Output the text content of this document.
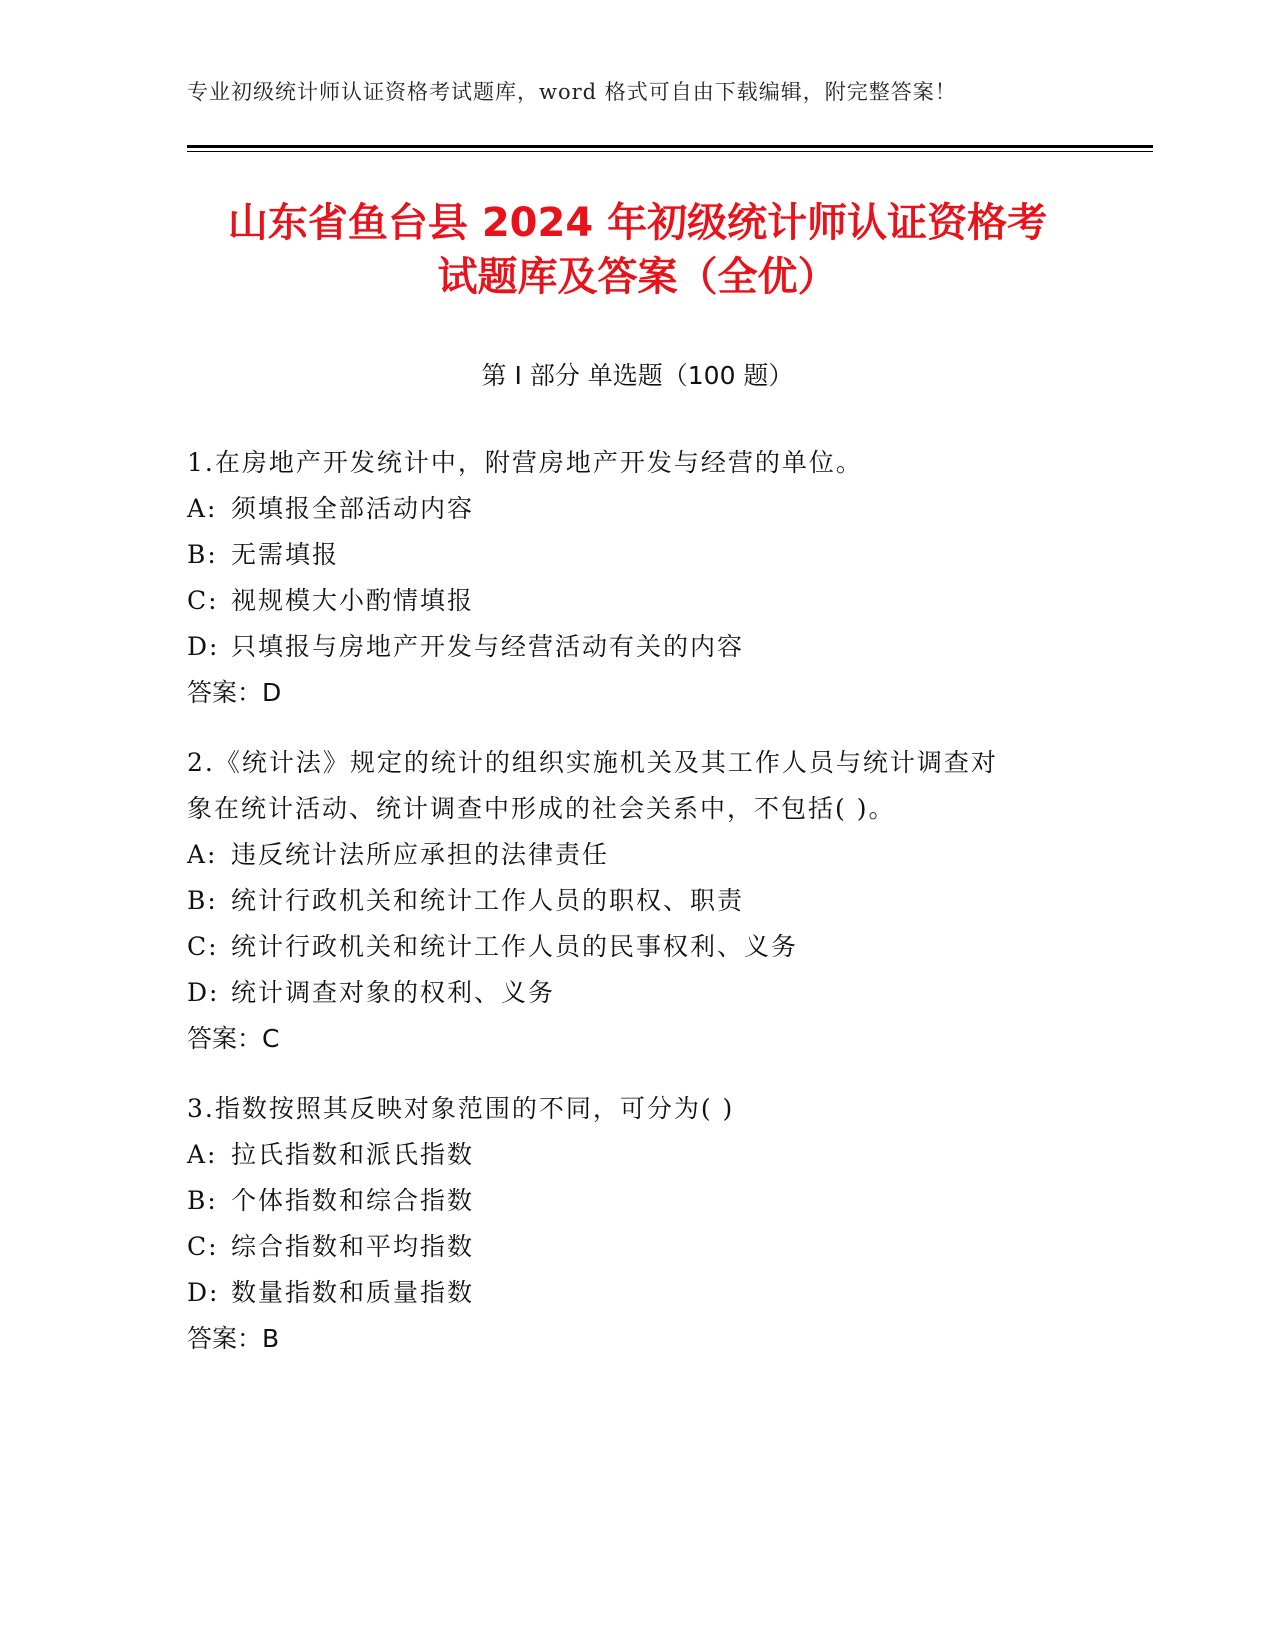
专业初级统计师认证资格考试题库，word 格式可自由下载编辑，附完整答案！
山东省鱼台县 2024 年初级统计师认证资格考
试题库及答案（全优）
第 I 部分 单选题（100 题）
1.在房地产开发统计中，附营房地产开发与经营的单位。
A: 须填报全部活动内容
B: 无需填报
C: 视规模大小酌情填报
D: 只填报与房地产开发与经营活动有关的内容
答案：D
2.《统计法》规定的统计的组织实施机关及其工作人员与统计调查对
象在统计活动、统计调查中形成的社会关系中，不包括( )。
A: 违反统计法所应承担的法律责任
B: 统计行政机关和统计工作人员的职权、职责
C: 统计行政机关和统计工作人员的民事权利、义务
D: 统计调查对象的权利、义务
答案：C
3.指数按照其反映对象范围的不同，可分为( )
A: 拉氏指数和派氏指数
B: 个体指数和综合指数
C: 综合指数和平均指数
D: 数量指数和质量指数
答案：B
